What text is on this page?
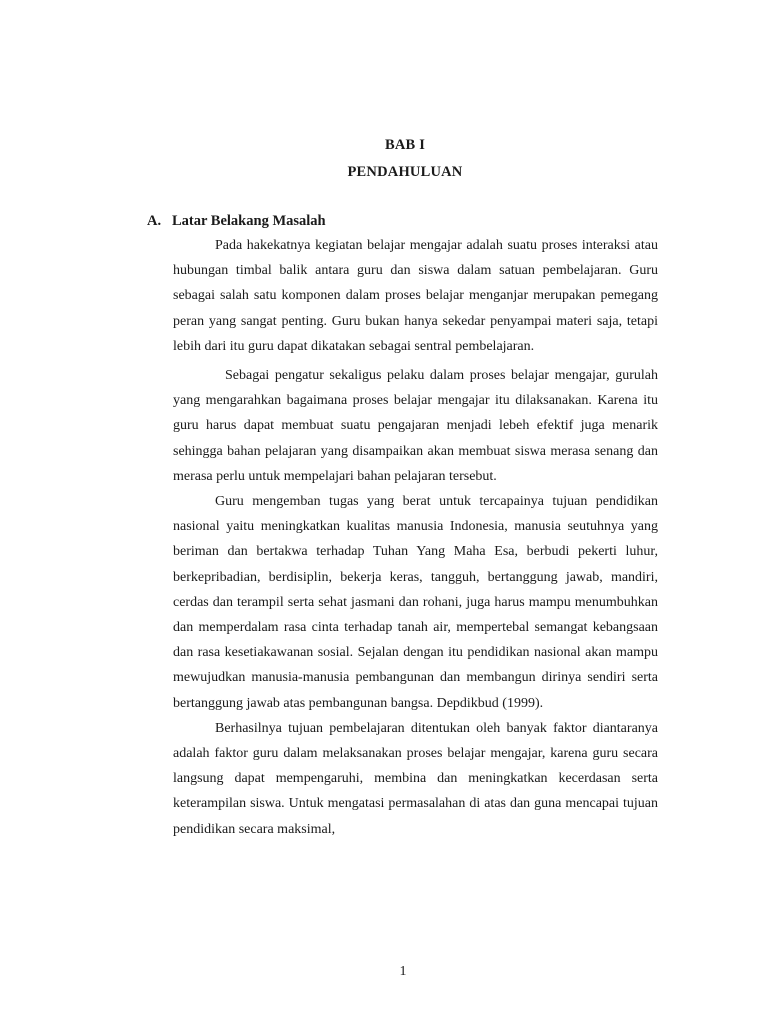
BAB I
PENDAHULUAN
A. Latar Belakang Masalah

Pada hakekatnya kegiatan belajar mengajar adalah suatu proses interaksi atau hubungan timbal balik antara guru dan siswa dalam satuan pembelajaran. Guru sebagai salah satu komponen dalam proses belajar menganjar merupakan pemegang peran yang sangat penting. Guru bukan hanya sekedar penyampai materi saja, tetapi lebih dari itu guru dapat dikatakan sebagai sentral pembelajaran.

Sebagai pengatur sekaligus pelaku dalam proses belajar mengajar, gurulah yang mengarahkan bagaimana proses belajar mengajar itu dilaksanakan. Karena itu guru harus dapat membuat suatu pengajaran menjadi lebeh efektif juga menarik sehingga bahan pelajaran yang disampaikan akan membuat siswa merasa senang dan merasa perlu untuk mempelajari bahan pelajaran tersebut.

Guru mengemban tugas yang berat untuk tercapainya tujuan pendidikan nasional yaitu meningkatkan kualitas manusia Indonesia, manusia seutuhnya yang beriman dan bertakwa terhadap Tuhan Yang Maha Esa, berbudi pekerti luhur, berkepribadian, berdisiplin, bekerja keras, tangguh, bertanggung jawab, mandiri, cerdas dan terampil serta sehat jasmani dan rohani, juga harus mampu menumbuhkan dan memperdalam rasa cinta terhadap tanah air, mempertebal semangat kebangsaan dan rasa kesetiakawanan sosial. Sejalan dengan itu pendidikan nasional akan mampu mewujudkan manusia-manusia pembangunan dan membangun dirinya sendiri serta bertanggung jawab atas pembangunan bangsa. Depdikbud (1999).

Berhasilnya tujuan pembelajaran ditentukan oleh banyak faktor diantaranya adalah faktor guru dalam melaksanakan proses belajar mengajar, karena guru secara langsung dapat mempengaruhi, membina dan meningkatkan kecerdasan serta keterampilan siswa. Untuk mengatasi permasalahan di atas dan guna mencapai tujuan pendidikan secara maksimal,

1
